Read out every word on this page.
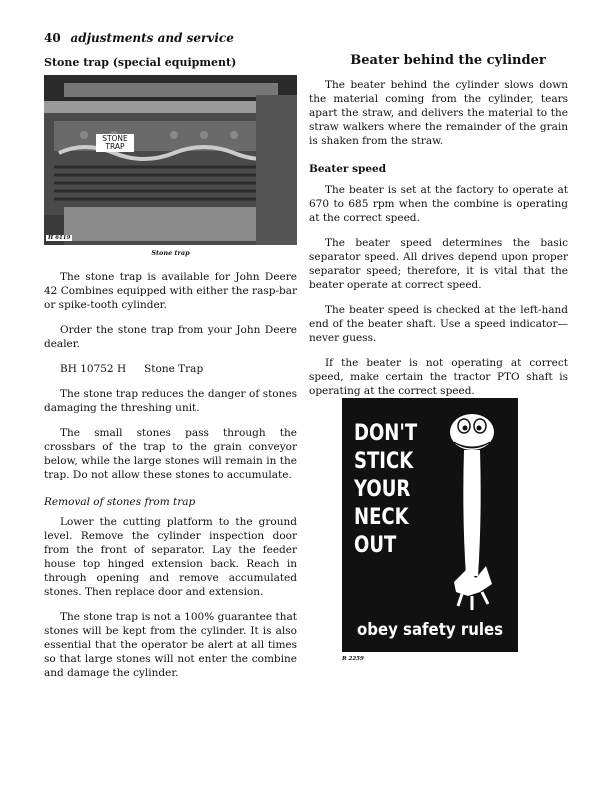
40 adjustments and service
Stone trap (special equipment)
STONE TRAP
H 6119
Stone trap

The stone trap is available for John Deere 42 Combines equipped with either the rasp-bar or spike-tooth cylinder.

Order the stone trap from your John Deere dealer.

BH 10752 H Stone Trap

The stone trap reduces the danger of stones damaging the threshing unit.

The small stones pass through the crossbars of the trap to the grain conveyor below, while the large stones will remain in the trap. Do not allow these stones to accumulate.

Removal of stones from trap

Lower the cutting platform to the ground level. Remove the cylinder inspection door from the front of separator. Lay the feeder house top hinged extension back. Reach in through opening and remove accumulated stones. Then replace door and extension.

The stone trap is not a 100% guarantee that stones will be kept from the cylinder. It is also essential that the operator be alert at all times so that large stones will not enter the combine and damage the cylinder.

Beater behind the cylinder

The beater behind the cylinder slows down the material coming from the cylinder, tears apart the straw, and delivers the material to the straw walkers where the remainder of the grain is shaken from the straw.

Beater speed

The beater is set at the factory to operate at 670 to 685 rpm when the combine is operating at the correct speed.

The beater speed determines the basic separator speed. All drives depend upon proper separator speed; therefore, it is vital that the beater operate at correct speed.

The beater speed is checked at the left-hand end of the beater shaft. Use a speed indicator—never guess.

If the beater is not operating at correct speed, make certain the tractor PTO shaft is operating at the correct speed.

DON'T
STICK
YOUR
NECK
OUT
obey safety rules
R 2259
